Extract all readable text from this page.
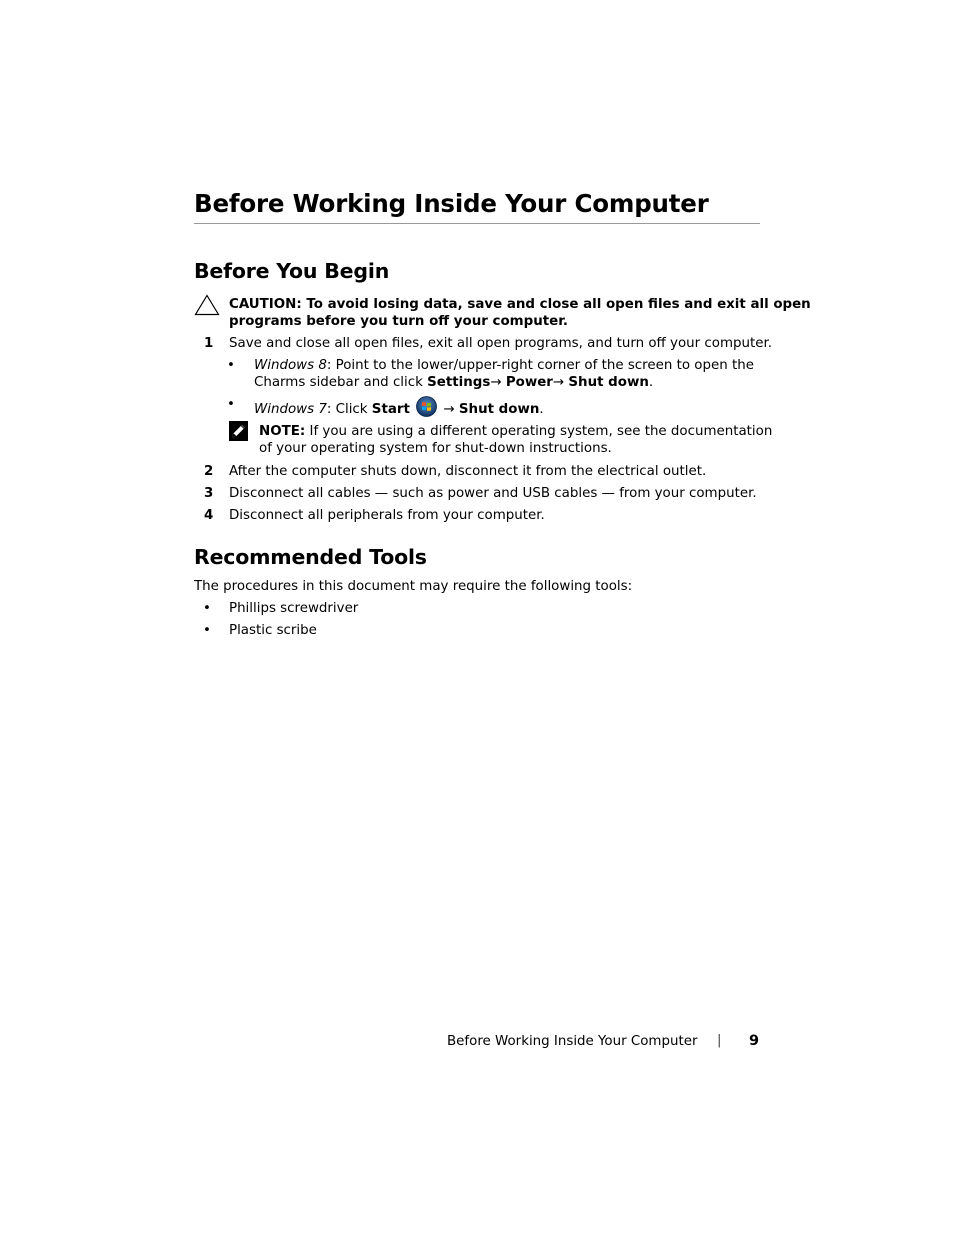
Before Working Inside Your Computer
Before You Begin
CAUTION: To avoid losing data, save and close all open files and exit all open
programs before you turn off your computer.
1	Save and close all open files, exit all open programs, and turn off your computer.
• Windows 8: Point to the lower/upper-right corner of the screen to open the
Charms sidebar and click Settings→ Power→ Shut down.
• Windows 7: Click Start	→ Shut down.
NOTE: If you are using a different operating system, see the documentation
of your operating system for shut-down instructions.
2	After the computer shuts down, disconnect it from the electrical outlet.
3	Disconnect all cables — such as power and USB cables — from your computer.
4	Disconnect all peripherals from your computer.
Recommended Tools
The procedures in this document may require the following tools:
• Phillips screwdriver
• Plastic scribe
Before Working Inside Your Computer | 9
